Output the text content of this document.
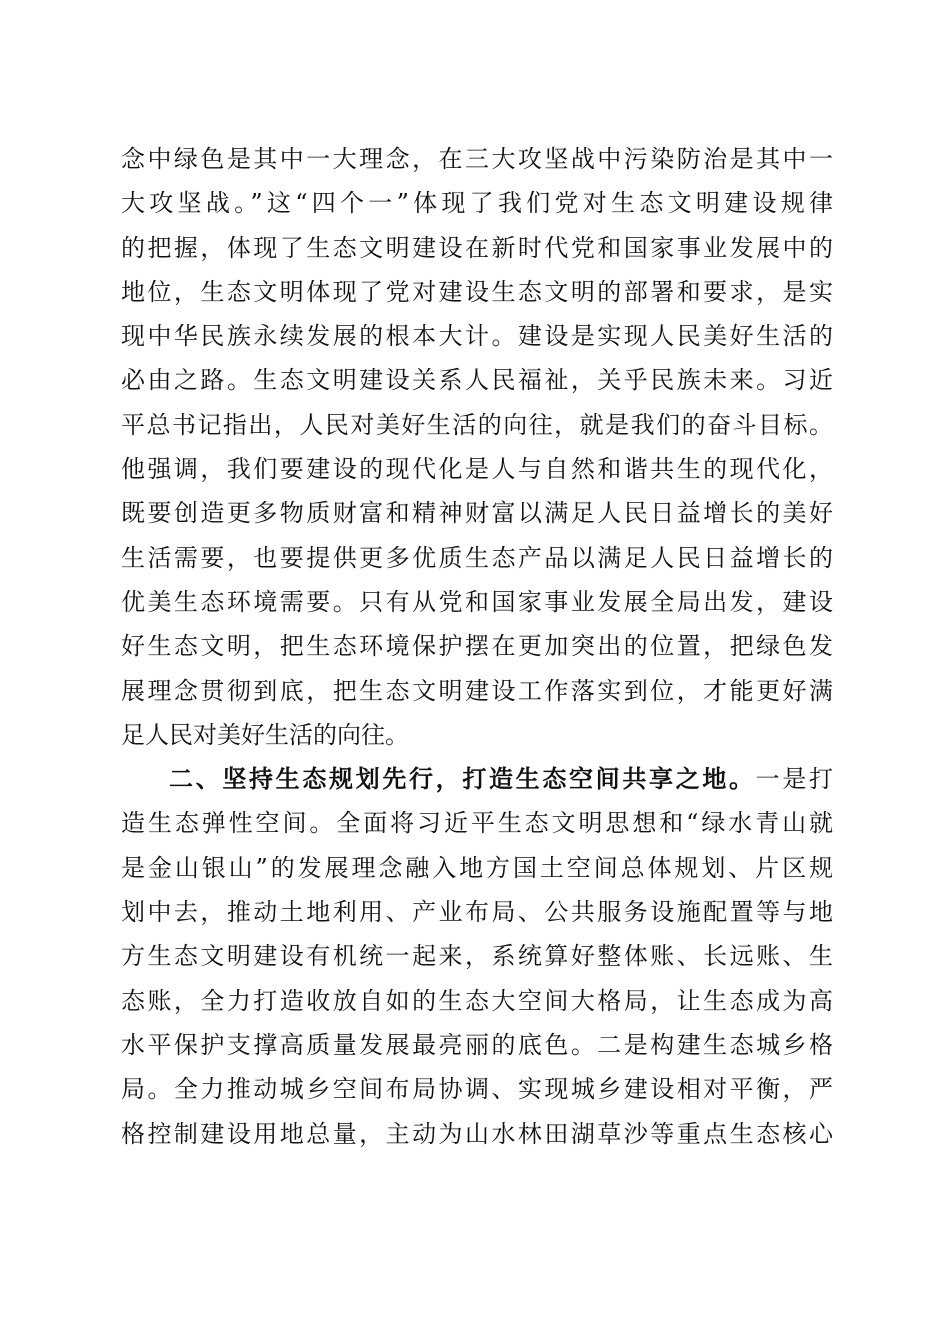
念中绿色是其中一大理念，在三大攻坚战中污染防治是其中一
大攻坚战。”这“四个一”体现了我们党对生态文明建设规律
的把握，体现了生态文明建设在新时代党和国家事业发展中的
地位，生态文明体现了党对建设生态文明的部署和要求，是实
现中华民族永续发展的根本大计。建设是实现人民美好生活的
必由之路。生态文明建设关系人民福祉，关乎民族未来。习近
平总书记指出，人民对美好生活的向往，就是我们的奋斗目标。
他强调，我们要建设的现代化是人与自然和谐共生的现代化，
既要创造更多物质财富和精神财富以满足人民日益增长的美好
生活需要，也要提供更多优质生态产品以满足人民日益增长的
优美生态环境需要。只有从党和国家事业发展全局出发，建设
好生态文明，把生态环境保护摆在更加突出的位置，把绿色发
展理念贯彻到底，把生态文明建设工作落实到位，才能更好满
足人民对美好生活的向往。
二、坚持生态规划先行，打造生态空间共享之地。一是打
造生态弹性空间。全面将习近平生态文明思想和“绿水青山就
是金山银山”的发展理念融入地方国土空间总体规划、片区规
划中去，推动土地利用、产业布局、公共服务设施配置等与地
方生态文明建设有机统一起来，系统算好整体账、长远账、生
态账，全力打造收放自如的生态大空间大格局，让生态成为高
水平保护支撑高质量发展最亮丽的底色。二是构建生态城乡格
局。全力推动城乡空间布局协调、实现城乡建设相对平衡，严
格控制建设用地总量，主动为山水林田湖草沙等重点生态核心
